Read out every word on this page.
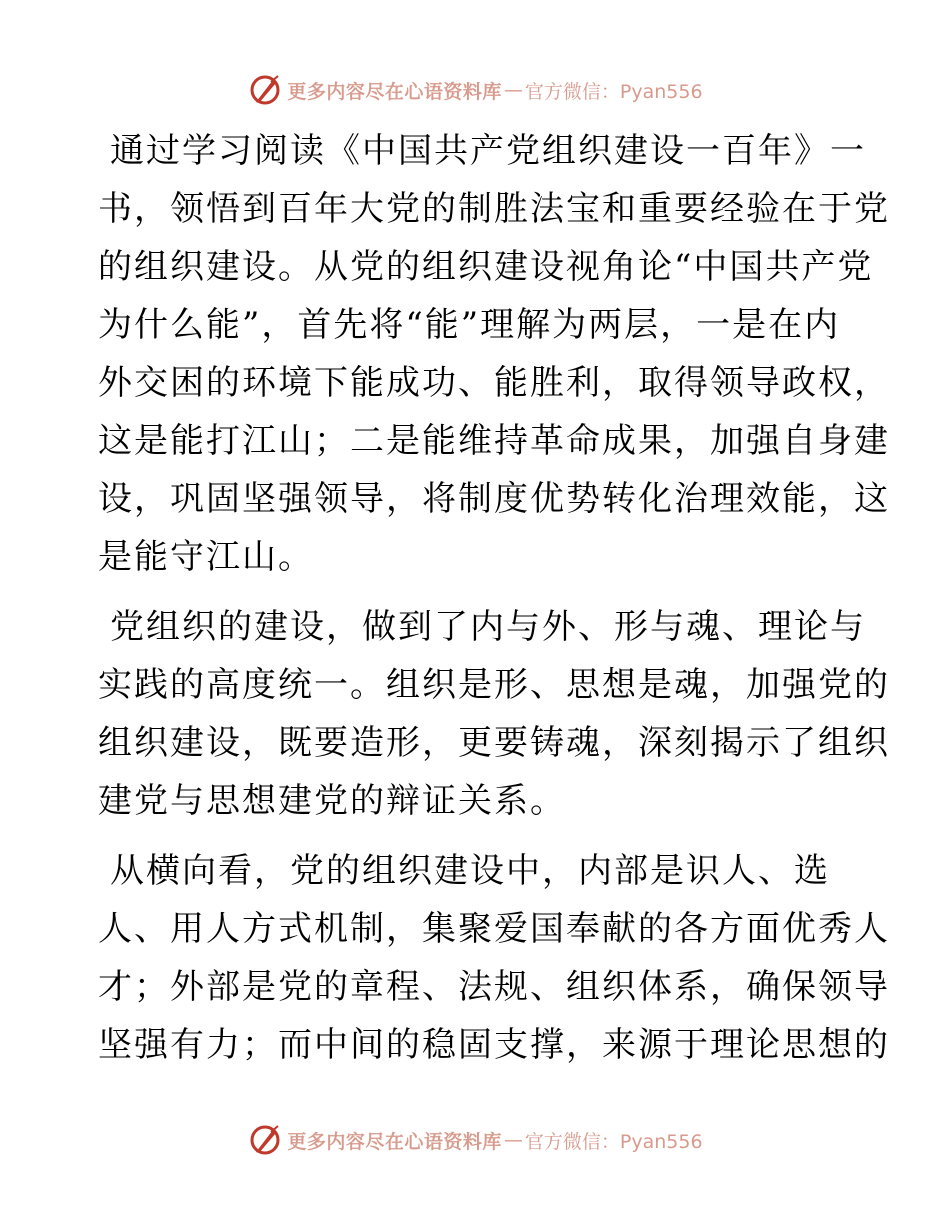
更多内容尽在心语资料库 — 官方微信：Pyan556
通过学习阅读《中国共产党组织建设一百年》一
书，领悟到百年大党的制胜法宝和重要经验在于党
的组织建设。从党的组织建设视角论“中国共产党
为什么能”，首先将“能”理解为两层，一是在内
外交困的环境下能成功、能胜利，取得领导政权，
这是能打江山；二是能维持革命成果，加强自身建
设，巩固坚强领导，将制度优势转化治理效能，这
是能守江山。
党组织的建设，做到了内与外、形与魂、理论与
实践的高度统一。组织是形、思想是魂，加强党的
组织建设，既要造形，更要铸魂，深刻揭示了组织
建党与思想建党的辩证关系。
从横向看，党的组织建设中，内部是识人、选
人、用人方式机制，集聚爱国奉献的各方面优秀人
才；外部是党的章程、法规、组织体系，确保领导
坚强有力；而中间的稳固支撑，来源于理论思想的
更多内容尽在心语资料库 — 官方微信：Pyan556
